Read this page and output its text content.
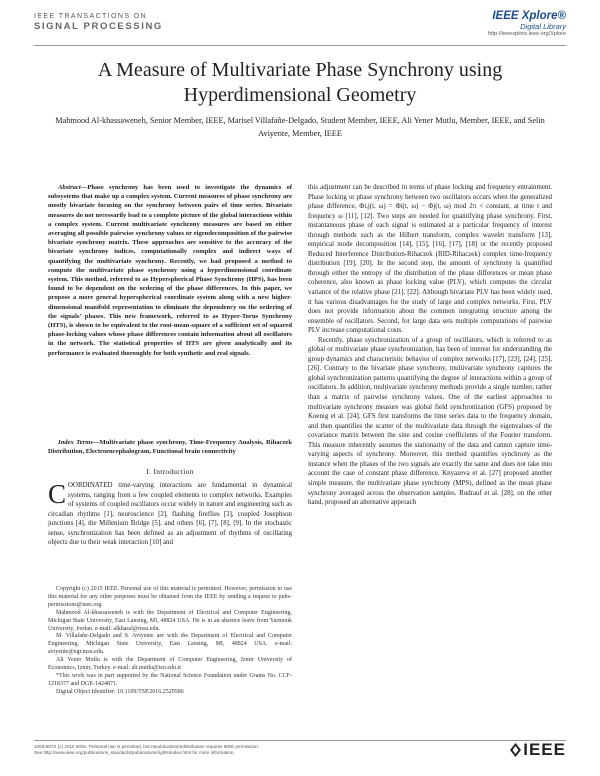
IEEE TRANSACTIONS ON
SIGNAL PROCESSING
IEEE Xplore®
Digital Library
http://ieeexplore.ieee.org/Xplore
A Measure of Multivariate Phase Synchrony using Hyperdimensional Geometry
Mahmood Al-khassaweneh, Senior Member, IEEE, Marisel Villafañe-Delgado, Student Member, IEEE, Ali Yener Mutlu, Member, IEEE, and Selin Aviyente, Member, IEEE
Abstract—Phase synchrony has been used to investigate the dynamics of subsystems that make up a complex system. Current measures of phase synchrony are mostly bivariate focusing on the synchrony between pairs of time series. Bivariate measures do not necessarily lead to a complete picture of the global interactions within a complex system. Current multivariate synchrony measures are based on either averaging all possible pairwise synchrony values or eigendecomposition of the pairwise bivariate synchrony matrix. These approaches are sensitive to the accuracy of the bivariate synchrony indices, computationally complex and indirect ways of quantifying the multivariate synchrony. Recently, we had proposed a method to compute the multivariate phase synchrony using a hyperdimensional coordinate system. This method, referred to as Hyperspherical Phase Synchrony (HPS), has been found to be dependent on the ordering of the phase differences. In this paper, we propose a more general hyperspherical coordinate system along with a new higher-dimensional manifold representation to eliminate the dependency on the ordering of the signals’ phases. This new framework, referred to as Hyper-Torus Synchrony (HTS), is shown to be equivalent to the root-mean-square of a sufficient set of squared phase-locking values whose phase differences contain information about all oscillators in the network. The statistical properties of HTS are given analytically and its performance is evaluated thoroughly for both synthetic and real signals.
Index Terms—Multivariate phase synchrony, Time-Frequency Analysis, Rihaczek Distribution, Electroencephalogram, Functional brain connectivity
I. Introduction
COORDINATED time-varying interactions are fundamental in dynamical systems, ranging from a few coupled elements to complex networks. Examples of systems of coupled oscillators occur widely in nature and engineering such as circadian rhythms [1], neuroscience [2], flashing fireflies [3], coupled Josephson junctions [4], the Millenium Bridge [5], and others [6], [7], [8], [9]. In the stochastic sense, synchronization has been defined as an adjustment of rhythms of oscillating objects due to their weak interaction [10] and

Copyright (c) 2015 IEEE. Personal use of this material is permitted. However, permission to use this material for any other purposes must be obtained from the IEEE by sending a request to pubs-permissions@ieee.org.

Mahmood Al-khassaweneh is with the Department of Electrical and Computer Engineering, Michigan State University, East Lansing, MI, 48824 USA. He is in an absence leave from Yarmouk University, Jordan. e-mail: alkhassl@msu.edu.

M. Villafañe-Delgado and S. Aviyente are with the Department of Electrical and Computer Engineering, Michigan State University, East Lansing, MI, 48824 USA. e-mail: aviyente@egr.msu.edu.

Ali Yener Mutlu is with the Department of Computer Engineering, Izmir University of Economics, Izmir, Turkey. e-mail: ali.mutlu@ieu.edu.tr

*This work was in part supported by the National Science Foundation under Grants No. CCF-1218377 and DGE-1424871.

Digital Object Identifier: 10.1109/TSP.2016.2529586

this adjustment can be described in terms of phase locking and frequency entrainment. Phase locking or phase synchrony between two oscillators occurs when the generalized phase difference, Φi,j(t, ω) = Φi(t, ω) − Φj(t, ω) mod 2π < constant, at time t and frequency ω [11], [12]. Two steps are needed for quantifying phase synchrony. First, instantaneous phase of each signal is estimated at a particular frequency of interest through methods such as the Hilbert transform, complex wavelet transform [13], empirical mode decomposition [14], [15], [16], [17], [18] or the recently proposed Reduced Interference Distribution-Rihaczek (RID-Rihaczek) complex time-frequency distribution [19], [20]. In the second step, the amount of synchrony is quantified through either the entropy of the distribution of the phase differences or mean phase coherence, also known as phase locking value (PLV), which computes the circular variance of the relative phase [21], [22]. Although bivariate PLV has been widely used, it has various disadvantages for the study of large and complex networks. First, PLV does not provide information about the common integrating structure among the ensemble of oscillators. Second, for large data sets multiple computations of pairwise PLV increase computational costs.

Recently, phase synchronization of a group of oscillators, which is referred to as global or multivariate phase synchronization, has been of interest for understanding the group dynamics and characteristic behavior of complex networks [17], [23], [24], [25], [26]. Contrary to the bivariate phase synchrony, multivariate synchrony captures the global synchronization patterns quantifying the degree of interactions within a group of oscillators. In addition, multivariate synchrony methods provide a single number, rather than a matrix of pairwise synchrony values. One of the earliest approaches to multivariate synchrony measure was global field synchronization (GFS) proposed by Koenig et al. [24]. GFS first transforms the time series data to the frequency domain, and then quantifies the scatter of the multivariate data through the eigenvalues of the covariance matrix between the sine and cosine coefficients of the Fourier transform. This measure inherently assumes the stationarity of the data and cannot capture time-varying aspects of synchrony. Moreover, this method quantifies synchrony as the instance when the phases of the two signals are exactly the same and does not take into account the case of constant phase difference. Knyazeva et al. [27] proposed another simple measure, the multivariate phase synchrony (MPS), defined as the mean phase synchrony averaged across the observation samples. Rudrauf et al. [28], on the other hand, proposed an alternative approach

1053-587X (c) 2015 IEEE. Personal use is permitted, but republication/redistribution requires IEEE permission.
See http://www.ieee.org/publications_standards/publications/rights/index.html for more information.	IEEE
